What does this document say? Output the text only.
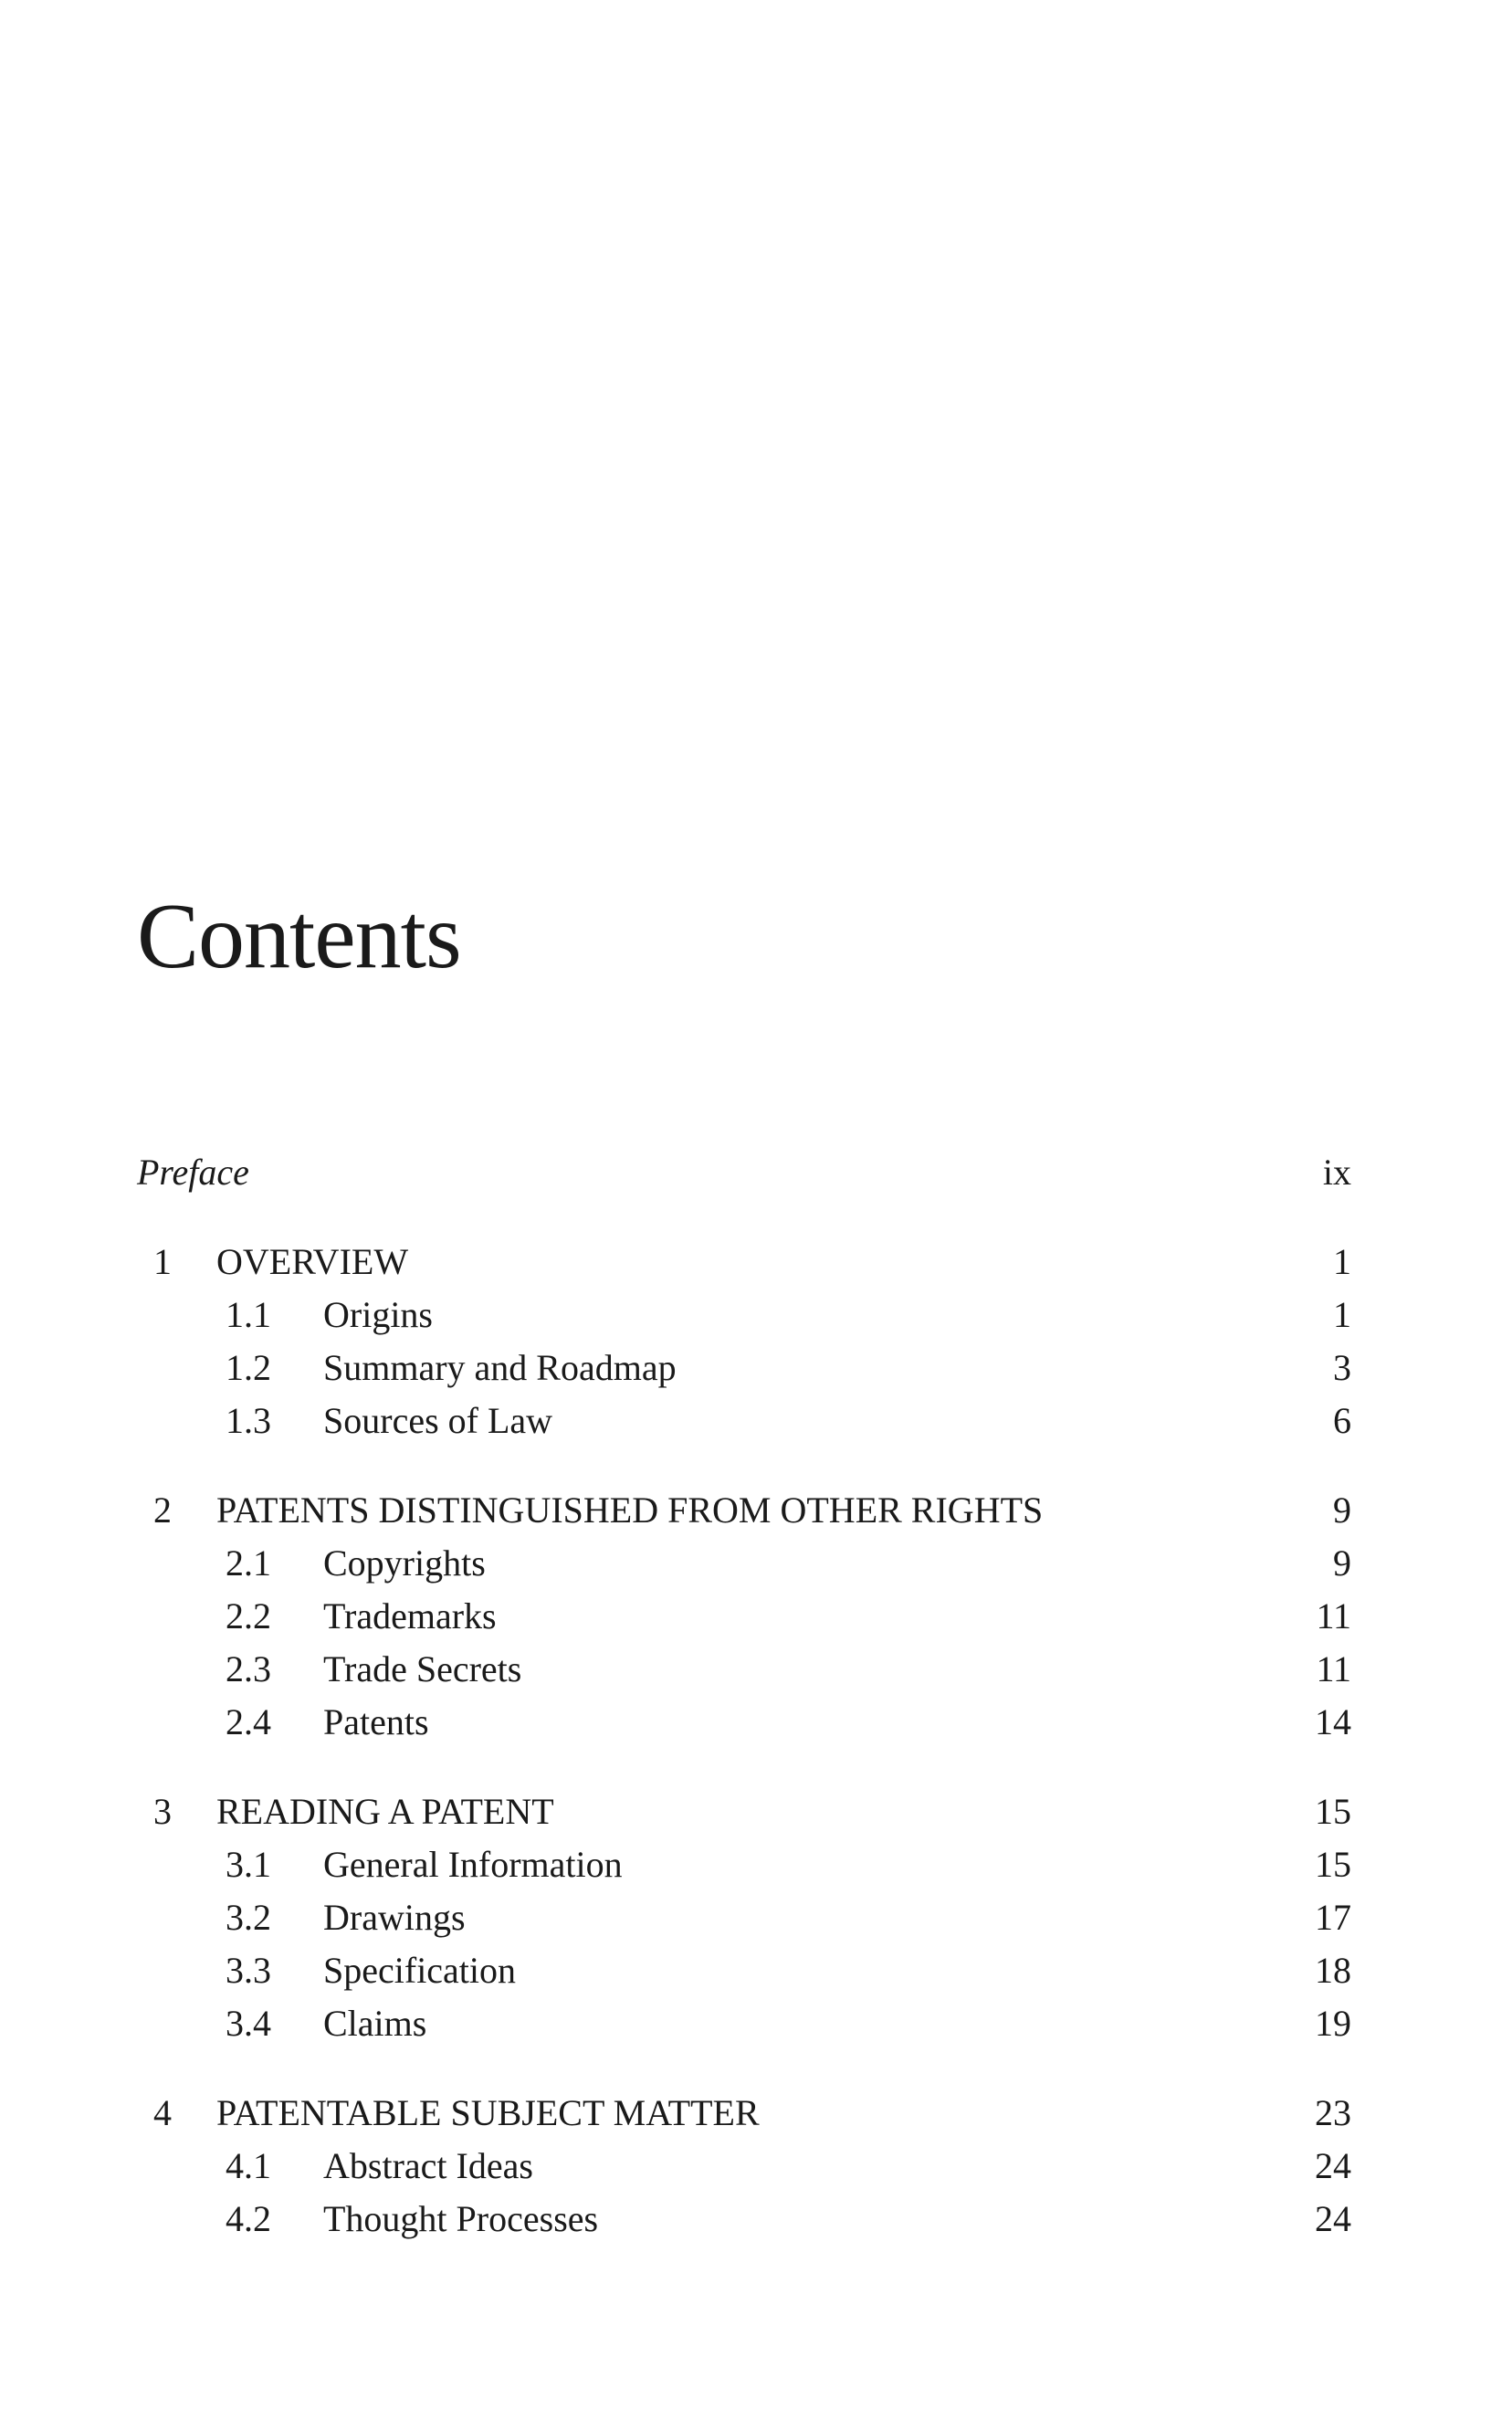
Contents
Preface	ix
1 OVERVIEW	1
1.1 Origins	1
1.2 Summary and Roadmap	3
1.3 Sources of Law	6
2 PATENTS DISTINGUISHED FROM OTHER RIGHTS	9
2.1 Copyrights	9
2.2 Trademarks	11
2.3 Trade Secrets	11
2.4 Patents	14
3 READING A PATENT	15
3.1 General Information	15
3.2 Drawings	17
3.3 Specification	18
3.4 Claims	19
4 PATENTABLE SUBJECT MATTER	23
4.1 Abstract Ideas	24
4.2 Thought Processes	24
